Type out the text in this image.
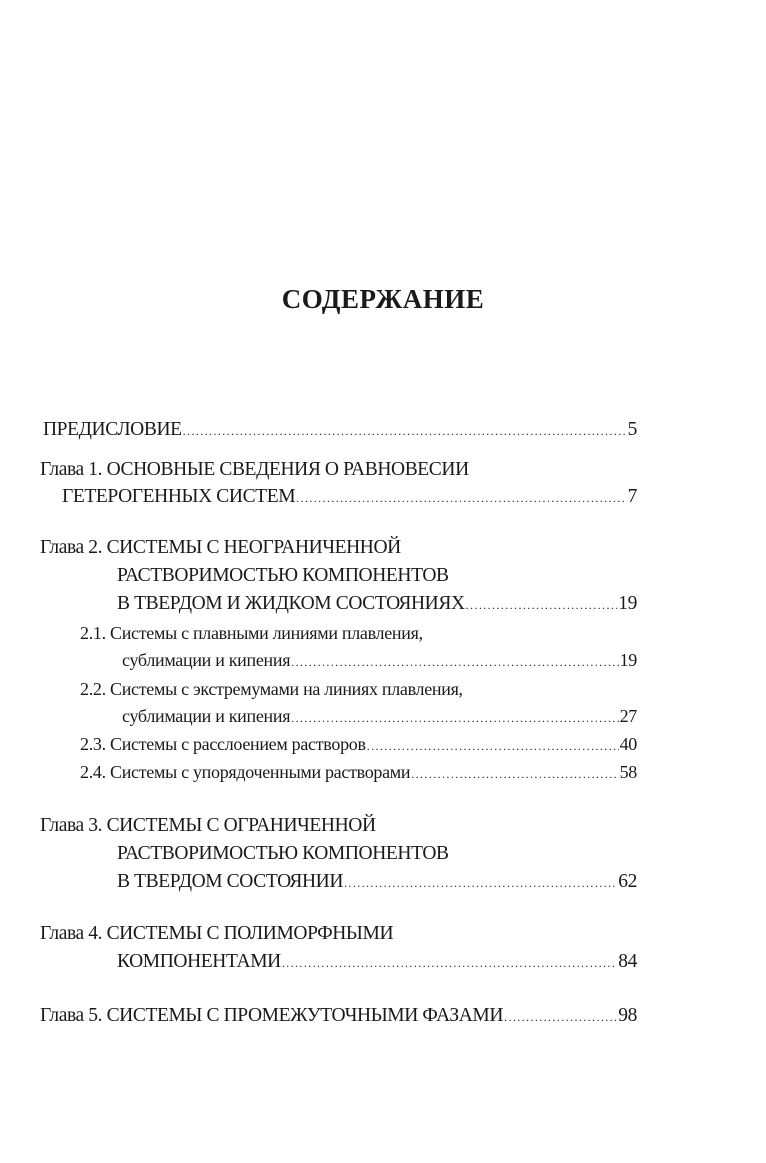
СОДЕРЖАНИЕ
ПРЕДИСЛОВИЕ .....	5
Глава 1. ОСНОВНЫЕ СВЕДЕНИЯ О РАВНОВЕСИИ
ГЕТЕРОГЕННЫХ СИСТЕМ .....	7
Глава 2. СИСТЕМЫ С НЕОГРАНИЧЕННОЙ
РАСТВОРИМОСТЬЮ КОМПОНЕНТОВ
В ТВЕРДОМ И ЖИДКОМ СОСТОЯНИЯХ .....	19
2.1. Системы с плавными линиями плавления,
сублимации и кипения .....	19
2.2. Системы с экстремумами на линиях плавления,
сублимации и кипения .....	27
2.3. Системы с расслоением растворов .....	40
2.4. Системы с упорядоченными растворами .....	58
Глава 3. СИСТЕМЫ С ОГРАНИЧЕННОЙ
РАСТВОРИМОСТЬЮ КОМПОНЕНТОВ
В ТВЕРДОМ СОСТОЯНИИ .....	62
Глава 4. СИСТЕМЫ С ПОЛИМОРФНЫМИ
КОМПОНЕНТАМИ .....	84
Глава 5. СИСТЕМЫ С ПРОМЕЖУТОЧНЫМИ ФАЗАМИ .....	98
